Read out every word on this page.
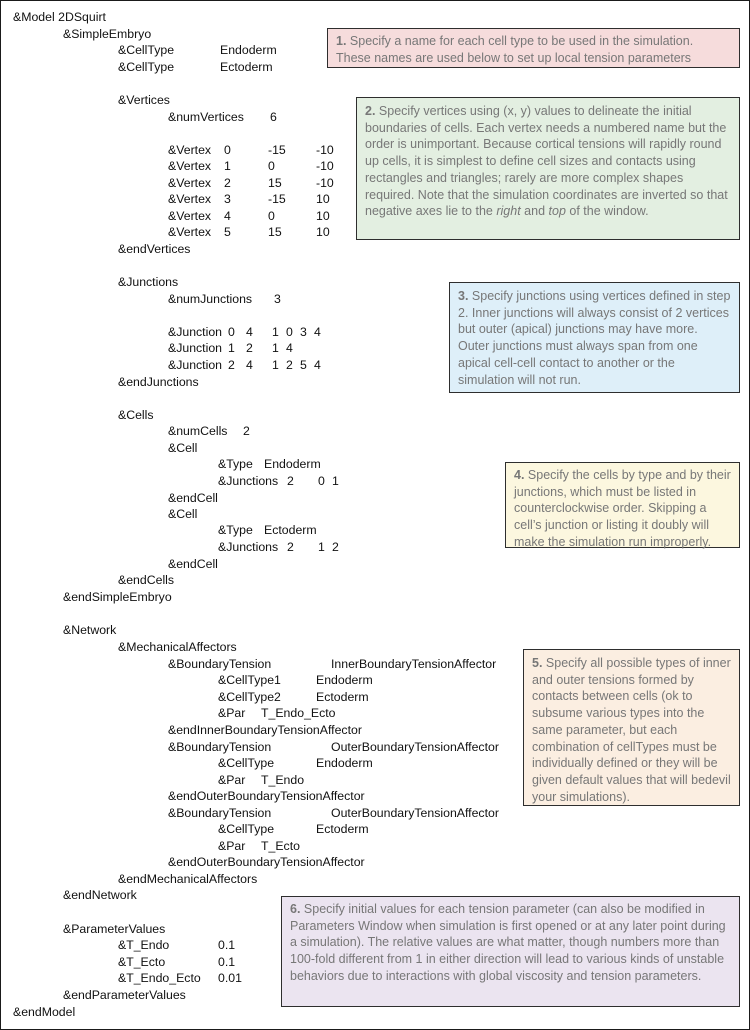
&Model 2DSquirt
&SimpleEmbryo
&CellType	Endoderm
&CellType	Ectoderm
&Vertices
&numVertices 6
&Vertex 0	-15 -10
&Vertex 1	0	-10
&Vertex 2	15	-10
&Vertex 3	-15 10
&Vertex 4	0	10
&Vertex 5	15	10
&endVertices
&Junctions
&numJunctions 3
&Junction 0 4 1 0 3 4
&Junction 1 2 1 4
&Junction 2 4 1 2 5 4
&endJunctions
&Cells
&numCells 2
&Cell
&Type Endoderm
&Junctions 2 0 1
&endCell
&Cell
&Type Ectoderm
&Junctions 2 1 2
&endCell
&endCells
&endSimpleEmbryo
&Network
&MechanicalAffectors
&BoundaryTension	InnerBoundaryTensionAffector
&CellType1	Endoderm
&CellType2	Ectoderm
&Par T_Endo_Ecto
&endInnerBoundaryTensionAffector
&BoundaryTension	OuterBoundaryTensionAffector
&CellType	Endoderm
&Par T_Endo
&endOuterBoundaryTensionAffector
&BoundaryTension	OuterBoundaryTensionAffector
&CellType	Ectoderm
&Par T_Ecto
&endOuterBoundaryTensionAffector
&endMechanicalAffectors
&endNetwork
&ParameterValues
&T_Endo	0.1
&T_Ecto	0.1
&T_Endo_Ecto 0.01
&endParameterValues
&endModel
1. Specify a name for each cell type to be used in the simulation. These names are used below to set up local tension parameters
2. Specify vertices using (x, y) values to delineate the initial boundaries of cells. Each vertex needs a numbered name but the order is unimportant. Because cortical tensions will rapidly round up cells, it is simplest to define cell sizes and contacts using rectangles and triangles; rarely are more complex shapes required. Note that the simulation coordinates are inverted so that negative axes lie to the right and top of the window.
3. Specify junctions using vertices defined in step 2. Inner junctions will always consist of 2 vertices but outer (apical) junctions may have more. Outer junctions must always span from one apical cell-cell contact to another or the simulation will not run.
4. Specify the cells by type and by their junctions, which must be listed in counterclockwise order. Skipping a cell’s junction or listing it doubly will make the simulation run improperly.
5. Specify all possible types of inner and outer tensions formed by contacts between cells (ok to subsume various types into the same parameter, but each combination of cellTypes must be individually defined or they will be given default values that will bedevil your simulations).
6. Specify initial values for each tension parameter (can also be modified in Parameters Window when simulation is first opened or at any later point during a simulation). The relative values are what matter, though numbers more than 100-fold different from 1 in either direction will lead to various kinds of unstable behaviors due to interactions with global viscosity and tension parameters.
